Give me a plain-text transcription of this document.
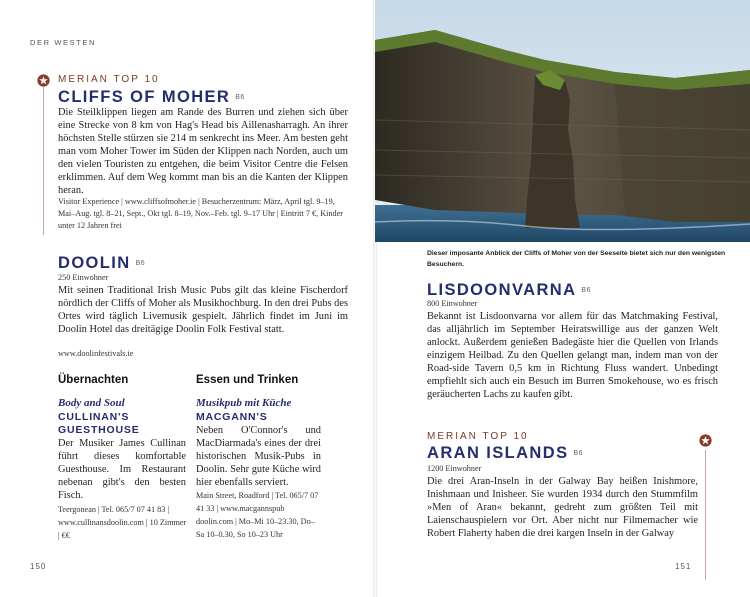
DER WESTEN
MERIAN TOP 10
CLIFFS OF MOHER B6
Die Steilklippen liegen am Rande des Burren und ziehen sich über eine Strecke von 8 km von Hag's Head bis Aillenasharragh. An ihrer höchsten Stelle stürzen sie 214 m senkrecht ins Meer. Am besten geht man vom Moher Tower im Süden der Klippen nach Norden, auch um den vielen Touristen zu entgehen, die beim Visitor Centre die Felsen erklimmen. Auf dem Weg kommt man bis an die Kanten der Klippen heran.
Visitor Experience | www.cliffsofmoher.ie | Besucherzentrum: März, April tgl. 9–19, Mai–Aug. tgl. 8–21, Sept., Okt tgl. 8–19, Nov.–Feb. tgl. 9–17 Uhr | Eintritt 7 €, Kinder unter 12 Jahren frei
DOOLIN B6
250 Einwohner
Mit seinen Traditional Irish Music Pubs gilt das kleine Fischerdorf nördlich der Cliffs of Moher als Musikhochburg. In den drei Pubs des Ortes wird täglich Livemusik gespielt. Jährlich findet im Juni im Doolin Hotel das dreitägige Doolin Folk Festival statt.
www.doolinfestivals.ie
Übernachten
Body and Soul
CULLINAN'S GUESTHOUSE
Der Musiker James Cullinan führt dieses komfortable Guesthouse. Im Restaurant nebenan gibt's den besten Fisch.
Teergonean | Tel. 065/7 07 41 83 | www.cullinansdoolin.com | 10 Zimmer | €€
Essen und Trinken
Musikpub mit Küche
MACGANN'S
Neben O'Connor's und MacDiarmada's eines der drei historischen Musik-Pubs in Doolin. Sehr gute Küche wird hier ebenfalls serviert.
Main Street, Roadford | Tel. 065/7 07 41 33 | www.macgannspub doolin.com | Mo–Mi 10–23.30, Do–Sa 10–0.30, So 10–23 Uhr
150
Dieser imposante Anblick der Cliffs of Moher von der Seeseite bietet sich nur den wenigsten Besuchern.
LISDOONVARNA B6
800 Einwohner
Bekannt ist Lisdoonvarna vor allem für das Matchmaking Festival, das alljährlich im September Heiratswillige aus der ganzen Welt anlockt. Außerdem genießen Badegäste hier die Quellen von Irlands einzigem Heilbad. Zu den Quellen gelangt man, indem man von der Road-side Tavern 0,5 km in Richtung Fluss wandert. Unbedingt empfiehlt sich auch ein Besuch im Burren Smokehouse, wo es frisch geräucherten Lachs zu kaufen gibt.
MERIAN TOP 10
ARAN ISLANDS B6
1200 Einwohner
Die drei Aran-Inseln in der Galway Bay heißen Inishmore, Inishmaan und Inisheer. Sie wurden 1934 durch den Stummfilm »Men of Aran« bekannt, gedreht zum größten Teil mit Laienschauspielern vor Ort. Aber nicht nur Filmemacher wie Robert Flaherty haben die drei kargen Inseln in der Galway
151
